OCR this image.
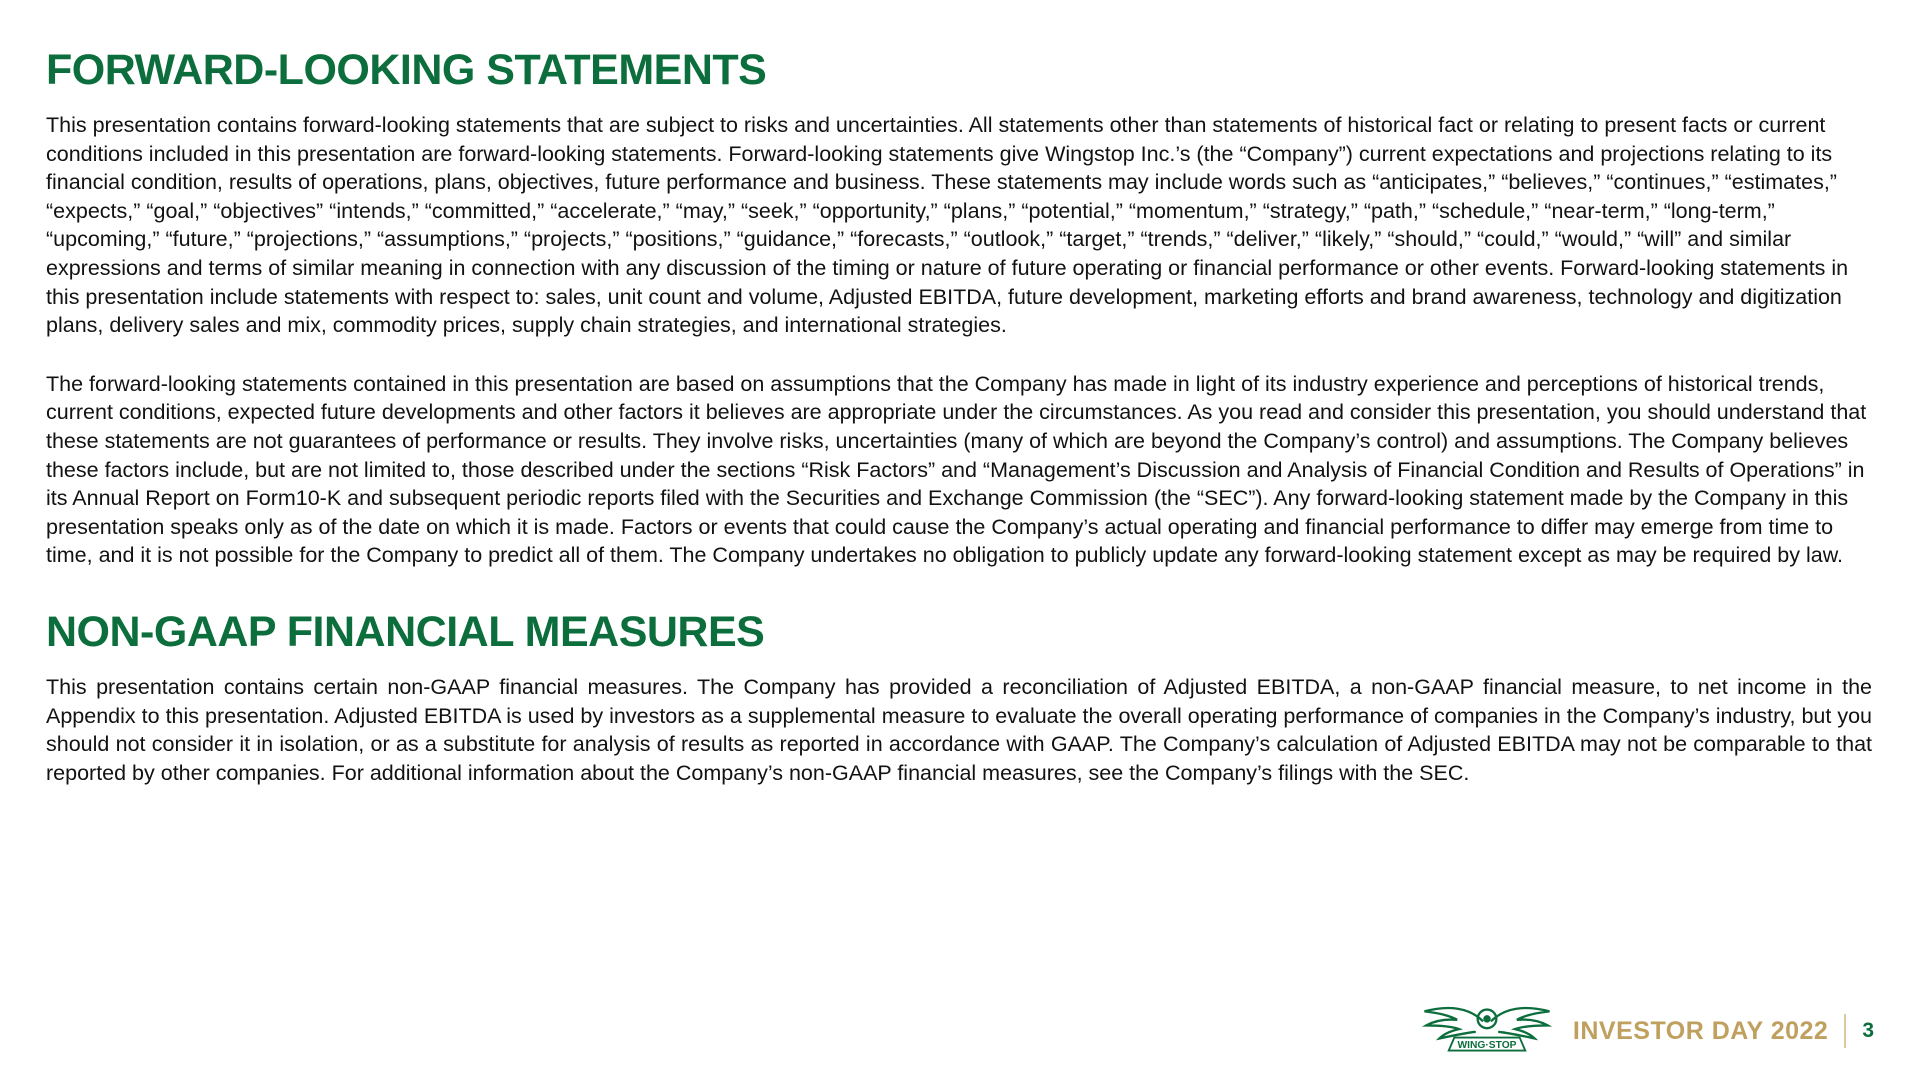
FORWARD-LOOKING STATEMENTS

This presentation contains forward-looking statements that are subject to risks and uncertainties. All statements other than statements of historical fact or relating to present facts or current conditions included in this presentation are forward-looking statements. Forward-looking statements give Wingstop Inc.’s (the “Company”) current expectations and projections relating to its financial condition, results of operations, plans, objectives, future performance and business. These statements may include words such as “anticipates,” “believes,” “continues,” “estimates,” “expects,” “goal,” “objectives” “intends,” “committed,” “accelerate,” “may,” “seek,” “opportunity,” “plans,” “potential,” “momentum,” “strategy,” “path,” “schedule,” “near-term,” “long-term,” “upcoming,” “future,” “projections,” “assumptions,” “projects,” “positions,” “guidance,” “forecasts,” “outlook,” “target,” “trends,” “deliver,” “likely,” “should,” “could,” “would,” “will” and similar expressions and terms of similar meaning in connection with any discussion of the timing or nature of future operating or financial performance or other events. Forward-looking statements in this presentation include statements with respect to: sales, unit count and volume, Adjusted EBITDA, future development, marketing efforts and brand awareness, technology and digitization plans, delivery sales and mix, commodity prices, supply chain strategies, and international strategies.

The forward-looking statements contained in this presentation are based on assumptions that the Company has made in light of its industry experience and perceptions of historical trends, current conditions, expected future developments and other factors it believes are appropriate under the circumstances. As you read and consider this presentation, you should understand that these statements are not guarantees of performance or results. They involve risks, uncertainties (many of which are beyond the Company’s control) and assumptions. The Company believes these factors include, but are not limited to, those described under the sections “Risk Factors” and “Management’s Discussion and Analysis of Financial Condition and Results of Operations” in its Annual Report on Form10-K and subsequent periodic reports filed with the Securities and Exchange Commission (the “SEC”). Any forward-looking statement made by the Company in this presentation speaks only as of the date on which it is made. Factors or events that could cause the Company’s actual operating and financial performance to differ may emerge from time to time, and it is not possible for the Company to predict all of them. The Company undertakes no obligation to publicly update any forward-looking statement except as may be required by law.

NON-GAAP FINANCIAL MEASURES

This presentation contains certain non-GAAP financial measures. The Company has provided a reconciliation of Adjusted EBITDA, a non-GAAP financial measure, to net income in the Appendix to this presentation. Adjusted EBITDA is used by investors as a supplemental measure to evaluate the overall operating performance of companies in the Company’s industry, but you should not consider it in isolation, or as a substitute for analysis of results as reported in accordance with GAAP. The Company’s calculation of Adjusted EBITDA may not be comparable to that reported by other companies. For additional information about the Company’s non-GAAP financial measures, see the Company’s filings with the SEC.

WING·STOP
INVESTOR DAY 2022 3
